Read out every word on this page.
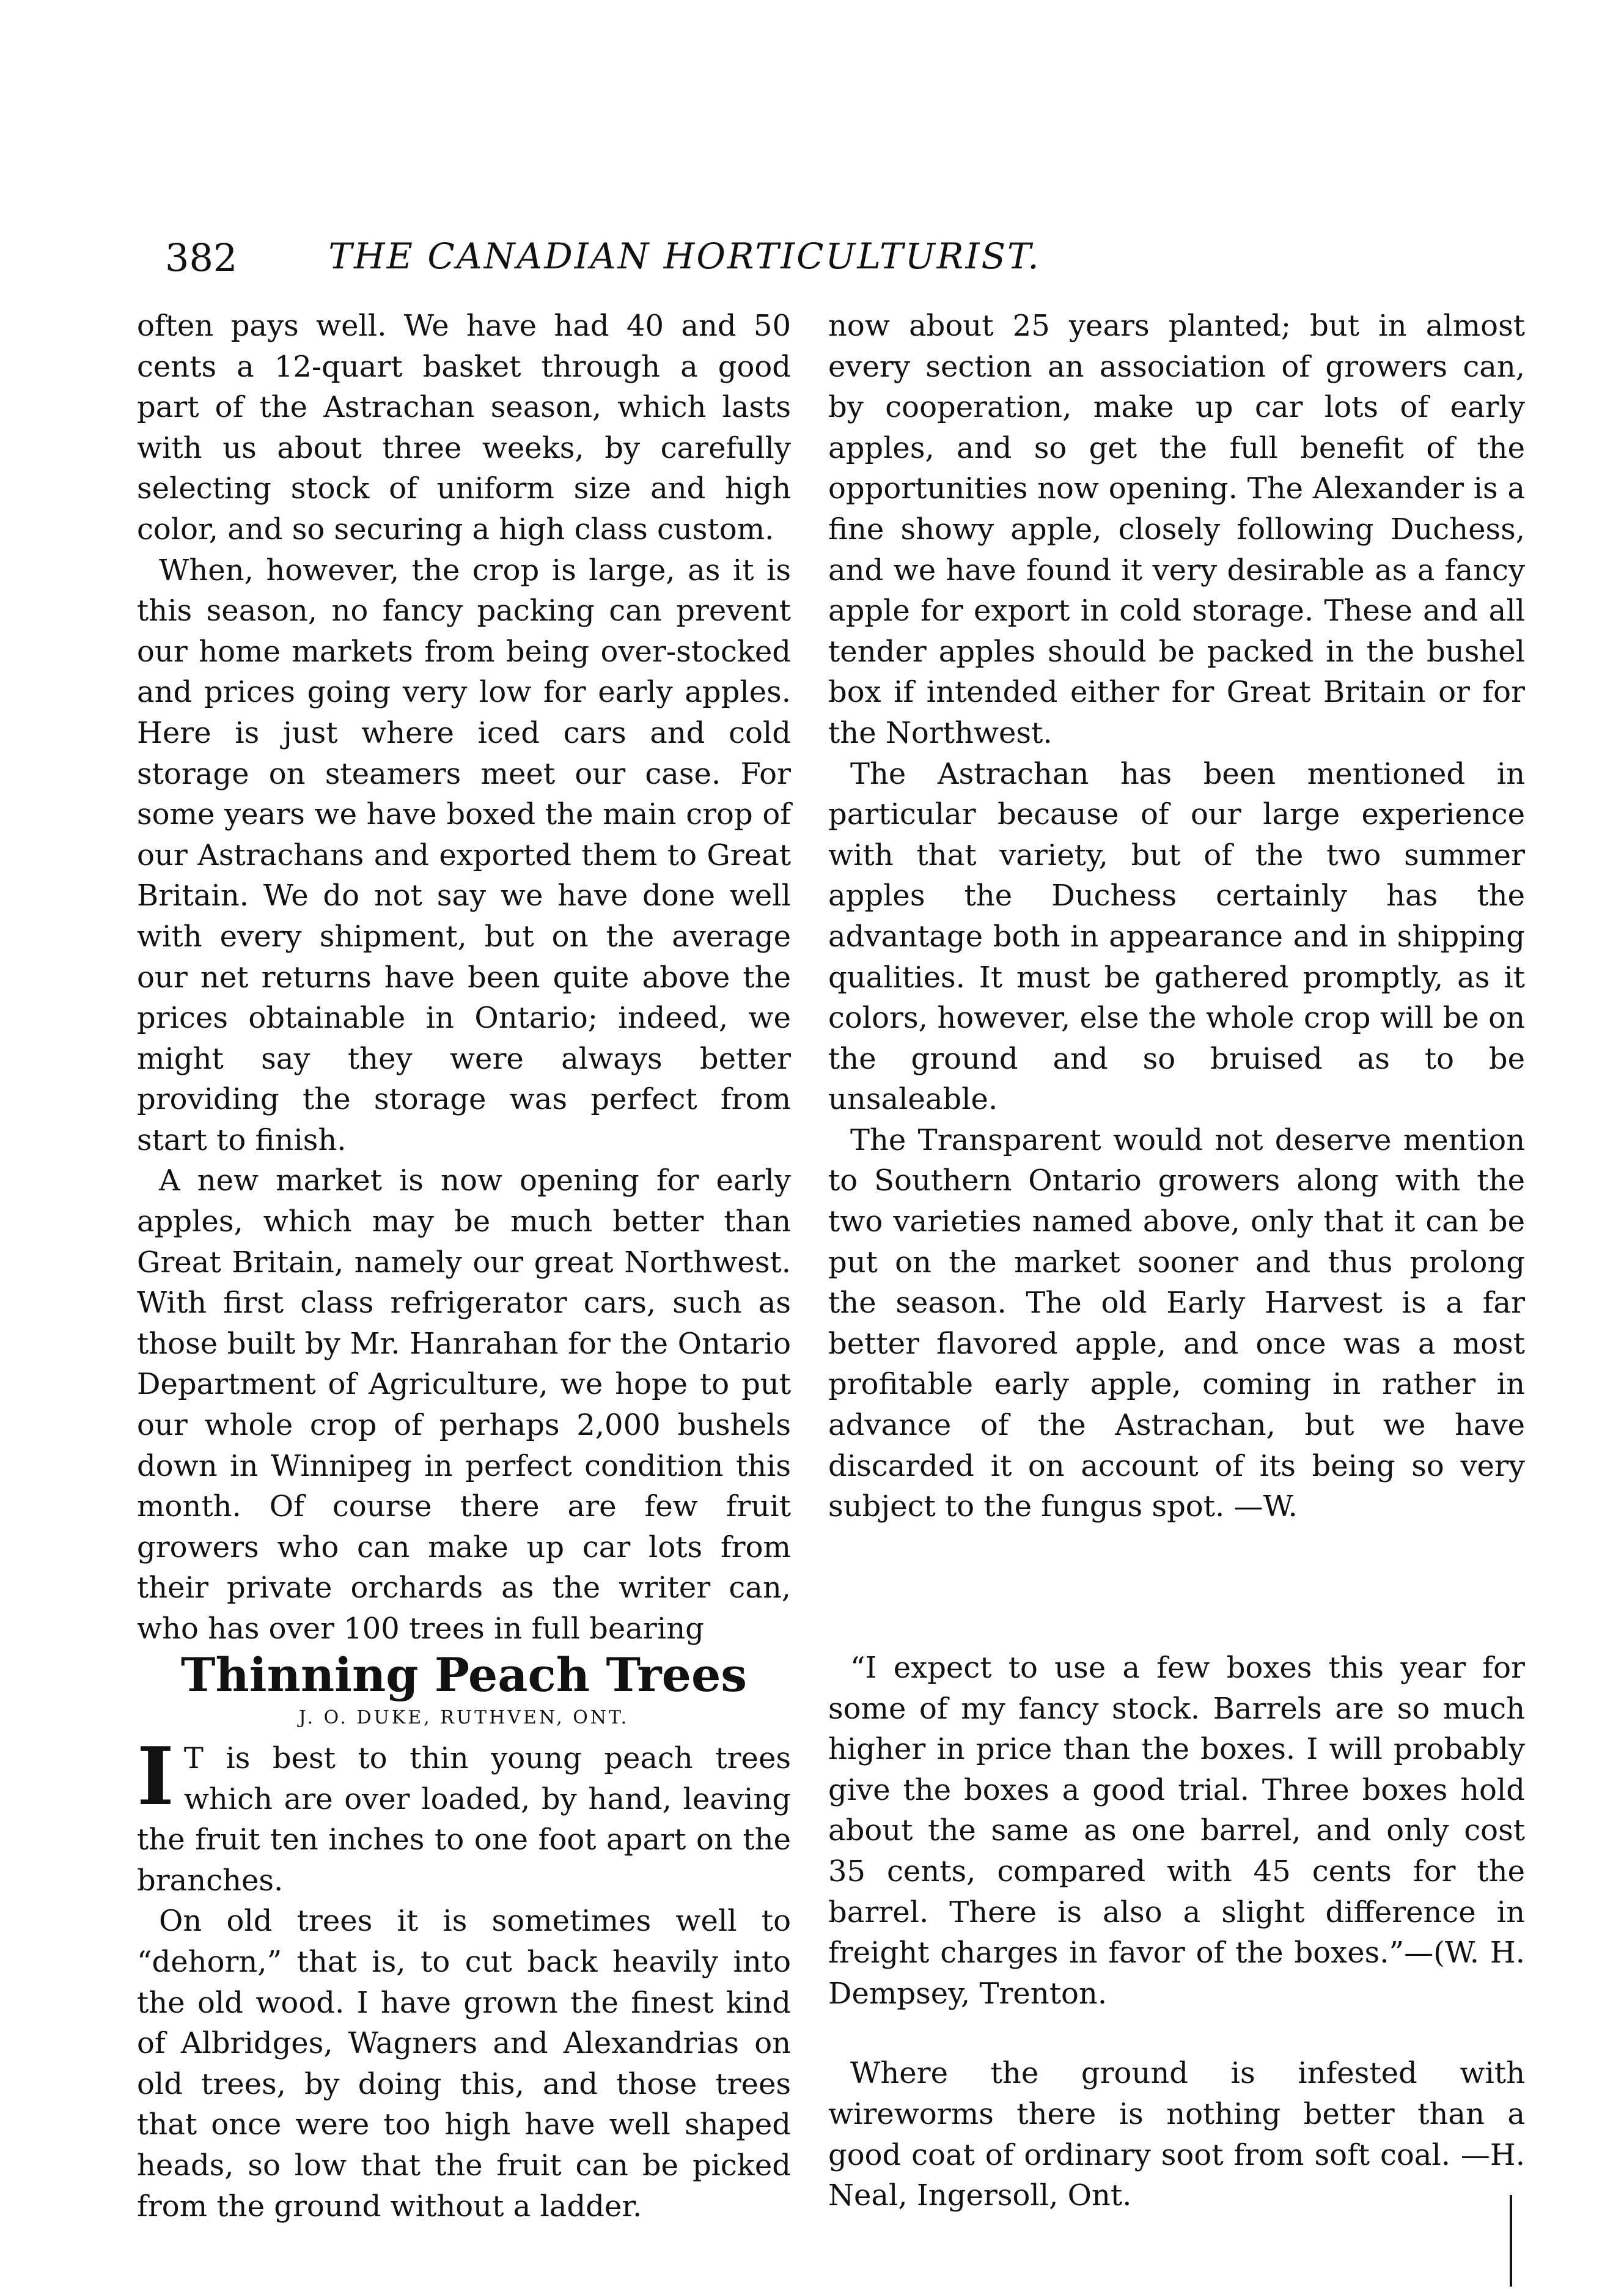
382	THE CANADIAN HORTICULTURIST.

often pays well. We have had 40 and 50 cents a 12-quart basket through a good part of the Astrachan season, which lasts with us about three weeks, by carefully selecting stock of uniform size and high color, and so securing a high class custom.

When, however, the crop is large, as it is this season, no fancy packing can prevent our home markets from being over-stocked and prices going very low for early apples. Here is just where iced cars and cold storage on steamers meet our case. For some years we have boxed the main crop of our Astrachans and exported them to Great Britain. We do not say we have done well with every shipment, but on the average our net returns have been quite above the prices obtainable in Ontario; indeed, we might say they were always better providing the storage was perfect from start to finish.

A new market is now opening for early apples, which may be much better than Great Britain, namely our great Northwest. With first class refrigerator cars, such as those built by Mr. Hanrahan for the Ontario Department of Agriculture, we hope to put our whole crop of perhaps 2,000 bushels down in Winnipeg in perfect condition this month. Of course there are few fruit growers who can make up car lots from their private orchards as the writer can, who has over 100 trees in full bearing

now about 25 years planted; but in almost every section an association of growers can, by cooperation, make up car lots of early apples, and so get the full benefit of the opportunities now opening. The Alexander is a fine showy apple, closely following Duchess, and we have found it very desirable as a fancy apple for export in cold storage. These and all tender apples should be packed in the bushel box if intended either for Great Britain or for the Northwest.

The Astrachan has been mentioned in particular because of our large experience with that variety, but of the two summer apples the Duchess certainly has the advantage both in appearance and in shipping qualities. It must be gathered promptly, as it colors, however, else the whole crop will be on the ground and so bruised as to be unsaleable.

The Transparent would not deserve mention to Southern Ontario growers along with the two varieties named above, only that it can be put on the market sooner and thus prolong the season. The old Early Harvest is a far better flavored apple, and once was a most profitable early apple, coming in rather in advance of the Astrachan, but we have discarded it on account of its being so very subject to the fungus spot. —W.

Thinning Peach Trees
J. O. DUKE, RUTHVEN, ONT.

I T is best to thin young peach trees which are over loaded, by hand, leaving the fruit ten inches to one foot apart on the branches.

On old trees it is sometimes well to “dehorn,” that is, to cut back heavily into the old wood. I have grown the finest kind of Albridges, Wagners and Alexandrias on old trees, by doing this, and those trees that once were too high have well shaped heads, so low that the fruit can be picked from the ground without a ladder.

“I expect to use a few boxes this year for some of my fancy stock. Barrels are so much higher in price than the boxes. I will probably give the boxes a good trial. Three boxes hold about the same as one barrel, and only cost 35 cents, compared with 45 cents for the barrel. There is also a slight difference in freight charges in favor of the boxes.”—(W. H. Dempsey, Trenton.

Where the ground is infested with wireworms there is nothing better than a good coat of ordinary soot from soft coal. —H. Neal, Ingersoll, Ont.
